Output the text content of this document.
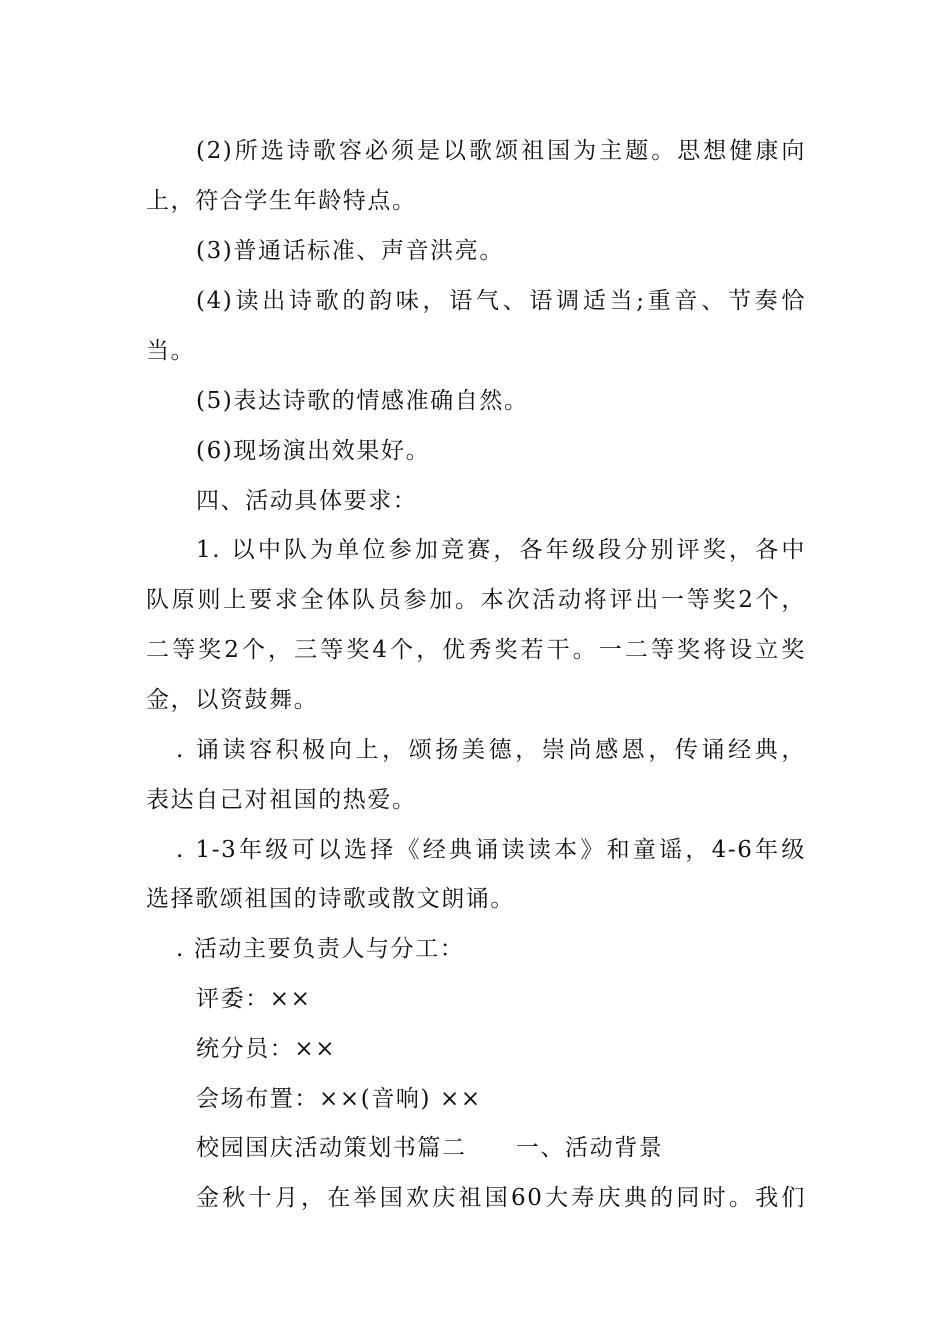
(2)所选诗歌容必须是以歌颂祖国为主题。思想健康向
上，符合学生年龄特点。
(3)普通话标准、声音洪亮。
(4)读出诗歌的韵味，语气、语调适当;重音、节奏恰
当。
(5)表达诗歌的情感准确自然。
(6)现场演出效果好。
四、活动具体要求：
1. 以中队为单位参加竞赛，各年级段分别评奖，各中
队原则上要求全体队员参加。本次活动将评出一等奖2个，
二等奖2个，三等奖4个，优秀奖若干。一二等奖将设立奖
金，以资鼓舞。
. 诵读容积极向上，颂扬美德，崇尚感恩，传诵经典，
表达自己对祖国的热爱。
. 1-3年级可以选择《经典诵读读本》和童谣，4-6年级
选择歌颂祖国的诗歌或散文朗诵。
. 活动主要负责人与分工：
评委：××
统分员：××
会场布置：××(音响) ××
校园国庆活动策划书篇二　　一、活动背景
金秋十月，在举国欢庆祖国60大寿庆典的同时。我们
